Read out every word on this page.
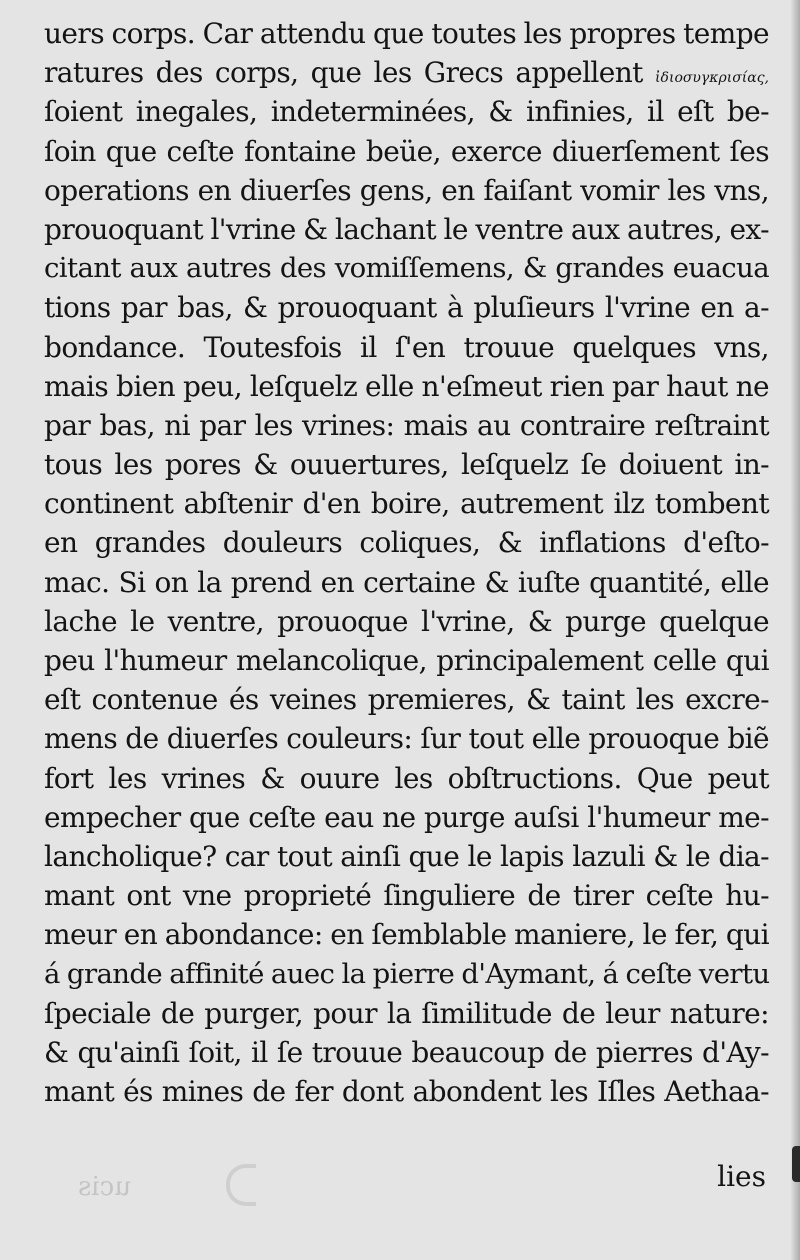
uers corps. Car attendu que toutes les propres tempe
ratures des corps, que les Grecs appellent ἰδιοσυγκρισίας,
ſoient inegales, indeterminées, & infinies, il eſt be-
ſoin que ceſte fontaine beüe, exerce diuerſement ſes
operations en diuerſes gens, en faiſant vomir les vns,
prouoquant l'vrine & lachant le ventre aux autres, ex-
citant aux autres des vomiſſemens, & grandes euacua
tions par bas, & prouoquant à pluſieurs l'vrine en a-
bondance. Toutesfois il ſ'en trouue quelques vns,
mais bien peu, leſquelz elle n'eſmeut rien par haut ne
par bas, ni par les vrines: mais au contraire reſtraint
tous les pores & ouuertures, leſquelz ſe doiuent in-
continent abſtenir d'en boire, autrement ilz tombent
en grandes douleurs coliques, & inflations d'eſto-
mac. Si on la prend en certaine & iuſte quantité, elle
lache le ventre, prouoque l'vrine, & purge quelque
peu l'humeur melancolique, principalement celle qui
eſt contenue és veines premieres, & taint les excre-
mens de diuerſes couleurs: ſur tout elle prouoque biẽ
fort les vrines & ouure les obſtructions. Que peut
empecher que ceſte eau ne purge auſsi l'humeur me-
lancholique? car tout ainſi que le lapis lazuli & le dia-
mant ont vne proprieté ſinguliere de tirer ceſte hu-
meur en abondance: en ſemblable maniere, le fer, qui
á grande affinité auec la pierre d'Aymant, á ceſte vertu
ſpeciale de purger, pour la ſimilitude de leur nature:
& qu'ainſi ſoit, il ſe trouue beaucoup de pierres d'Ay-
mant és mines de fer dont abondent les Iſles Aethaa-
lies
ucis
